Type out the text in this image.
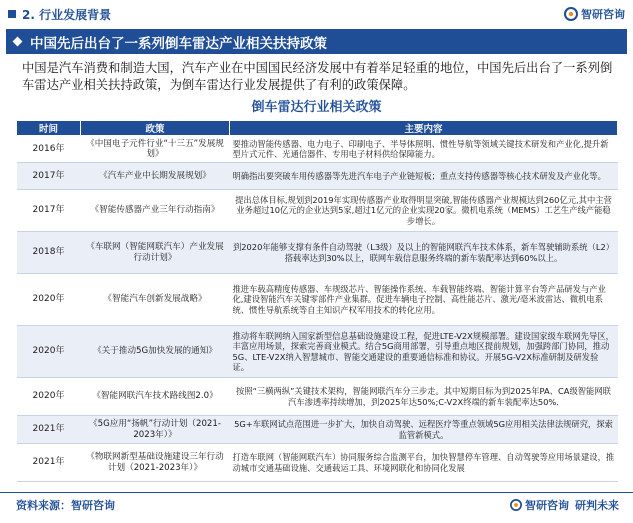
2. 行业发展背景	智研咨询
中国先后出台了一系列倒车雷达产业相关扶持政策

中国是汽车消费和制造大国，汽车产业在中国国民经济发展中有着举足轻重的地位，中国先后出台了一系列倒车雷达产业相关扶持政策，为倒车雷达行业发展提供了有利的政策保障。

倒车雷达行业相关政策
时间	政策	主要内容
2016年	《中国电子元件行业“十三五”发展规划》	要推动智能传感器、电力电子、印刷电子、半导体照明、惯性导航等领域关键技术研发和产业化,提升新型片式元件、光通信器件、专用电子材料供给保障能力。
2017年	《汽车产业中长期发展规划》	明确指出要突破车用传感器等先进汽车电子产业链短板；重点支持传感器等核心技术研发及产业化等。
2017年	《智能传感器产业三年行动指南》	提出总体目标,规划到2019年实现传感器产业取得明显突破,智能传感器产业规模达到260亿元,其中主营业务超过10亿元的企业达到5家,超过1亿元的企业实现20家。微机电系统（MEMS）工艺生产线产能稳步增长。
2018年	《车联网（智能网联汽车）产业发展行动计划》	到2020年能够支撑有条件自动驾驶（L3级）及以上的智能网联汽车技术体系，新车驾驶辅助系统（L2）搭载率达到30%以上，联网车载信息服务终端的新车装配率达到60%以上。
2020年	《智能汽车创新发展战略》	推进车载高精度传感器、车规级芯片、智能操作系统、车载智能终端、智能计算平台等产品研发与产业化,建设智能汽车关键零部件产业集群。促进车辆电子控制、高性能芯片、激光/毫米波雷达、微机电系统、惯性导航系统等自主知识产权军用技术的转化应用。
2020年	《关于推动5G加快发展的通知》	推动将车联网纳入国家新型信息基础设施建设工程，促进LTE-V2X规模部署。建设国家级车联网先导区，丰富应用场景，探索完善商业模式。结合5G商用部署，引导重点地区提前规划，加强跨部门协同，推动5G、LTE-V2X纳入智慧城市、智能交通建设的重要通信标准和协议。开展5G-V2X标准研制及研发验证。
2020年	《智能网联汽车技术路线图2.0》	按照“三横两纵”关键技术架构，智能网联汽车分三步走。其中短期目标为到2025年PA、CA级智能网联汽车渗透率持续增加，到2025年达50%;C-V2X终端的新车装配率达50%.
2021年	《5G应用“扬帆”行动计划（2021-2023年）》	5G+车联网试点范围进一步扩大，加快自动驾驶、远程医疗等重点领域5G应用相关法律法规研究，探索监管新模式。
2021年	《物联网新型基础设施建设三年行动计划（2021-2023年）》	打造车联网（智能网联汽车）协同服务综合监测平台，加快智慧停车管理、自动驾驶等应用场景建设，推动城市交通基础设施、交通载运工具、环境网联化和协同化发展
资料来源：智研咨询	智研咨询 研判未来
